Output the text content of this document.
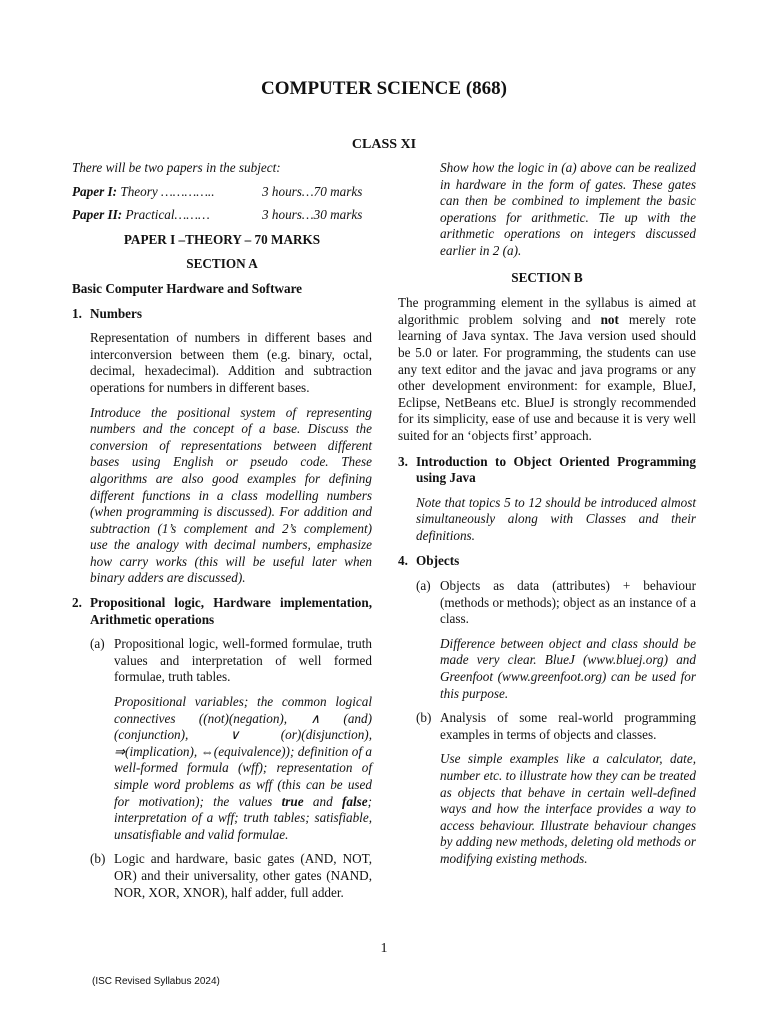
COMPUTER SCIENCE (868)
CLASS XI

There will be two papers in the subject:

Paper I: Theory …………..	3 hours…70 marks
Paper II: Practical………	3 hours…30 marks

PAPER I –THEORY – 70 MARKS

SECTION A

Basic Computer Hardware and Software

1. Numbers

Representation of numbers in different bases and interconversion between them (e.g. binary, octal, decimal, hexadecimal). Addition and subtraction operations for numbers in different bases.

Introduce the positional system of representing numbers and the concept of a base. Discuss the conversion of representations between different bases using English or pseudo code. These algorithms are also good examples for defining different functions in a class modelling numbers (when programming is discussed). For addition and subtraction (1’s complement and 2’s complement) use the analogy with decimal numbers, emphasize how carry works (this will be useful later when binary adders are discussed).

2. Propositional logic, Hardware implementation, Arithmetic operations
(a) Propositional logic, well-formed formulae, truth values and interpretation of well formed formulae, truth tables.

Propositional variables; the common logical connectives ((not)(negation), ∧ (and)(conjunction), ∨ (or)(disjunction), ⇒(implication), ⇔(equivalence)); definition of a well-formed formula (wff); representation of simple word problems as wff (this can be used for motivation); the values true and false; interpretation of a wff; truth tables; satisfiable, unsatisfiable and valid formulae.

(b) Logic and hardware, basic gates (AND, NOT, OR) and their universality, other gates (NAND, NOR, XOR, XNOR), half adder, full adder.

Show how the logic in (a) above can be realized in hardware in the form of gates. These gates can then be combined to implement the basic operations for arithmetic. Tie up with the arithmetic operations on integers discussed earlier in 2 (a).

SECTION B

The programming element in the syllabus is aimed at algorithmic problem solving and not merely rote learning of Java syntax. The Java version used should be 5.0 or later. For programming, the students can use any text editor and the javac and java programs or any other development environment: for example, BlueJ, Eclipse, NetBeans etc. BlueJ is strongly recommended for its simplicity, ease of use and because it is very well suited for an ‘objects first’ approach.

3. Introduction to Object Oriented Programming using Java

Note that topics 5 to 12 should be introduced almost simultaneously along with Classes and their definitions.

4. Objects
(a) Objects as data (attributes) + behaviour (methods or methods); object as an instance of a class.

Difference between object and class should be made very clear. BlueJ (www.bluej.org) and Greenfoot (www.greenfoot.org) can be used for this purpose.

(b) Analysis of some real-world programming examples in terms of objects and classes.

Use simple examples like a calculator, date, number etc. to illustrate how they can be treated as objects that behave in certain well-defined ways and how the interface provides a way to access behaviour. Illustrate behaviour changes by adding new methods, deleting old methods or modifying existing methods.

1
(ISC Revised Syllabus 2024)
